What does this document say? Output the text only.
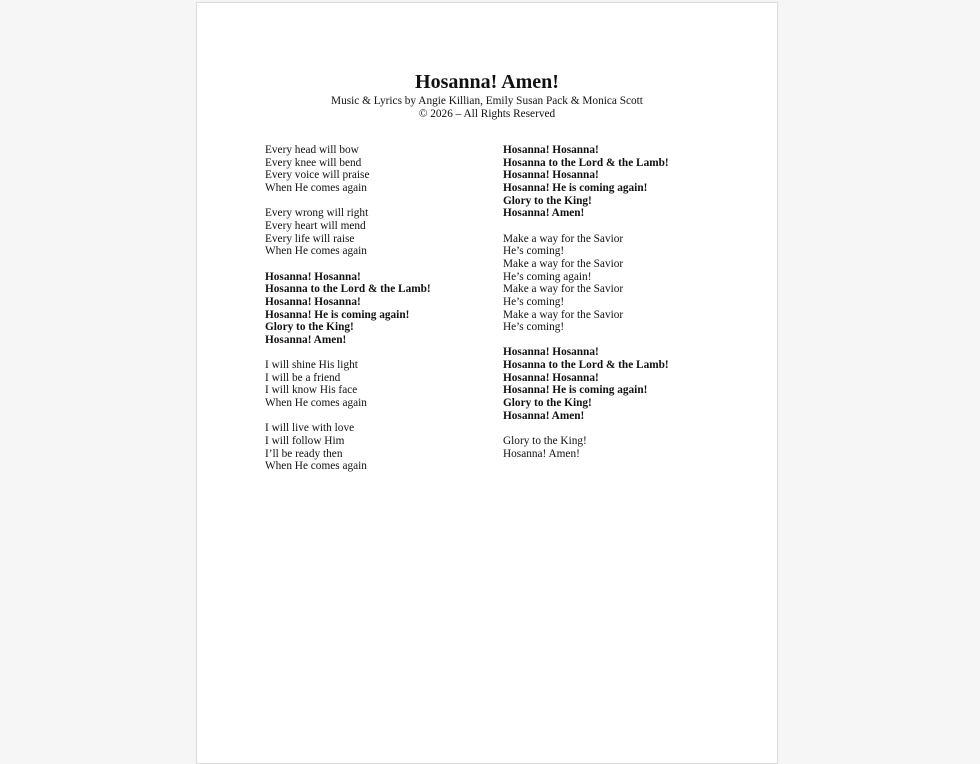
Hosanna! Amen!

Music & Lyrics by Angie Killian, Emily Susan Pack & Monica Scott

© 2026 – All Rights Reserved

Every head will bow
Every knee will bend
Every voice will praise
When He comes again
Every wrong will right
Every heart will mend
Every life will raise
When He comes again
Hosanna! Hosanna!
Hosanna to the Lord & the Lamb!
Hosanna! Hosanna!
Hosanna! He is coming again!
Glory to the King!
Hosanna! Amen!
I will shine His light
I will be a friend
I will know His face
When He comes again
I will live with love
I will follow Him
I’ll be ready then
When He comes again
Hosanna! Hosanna!
Hosanna to the Lord & the Lamb!
Hosanna! Hosanna!
Hosanna! He is coming again!
Glory to the King!
Hosanna! Amen!
Make a way for the Savior
He’s coming!
Make a way for the Savior
He’s coming again!
Make a way for the Savior
He’s coming!
Make a way for the Savior
He’s coming!
Hosanna! Hosanna!
Hosanna to the Lord & the Lamb!
Hosanna! Hosanna!
Hosanna! He is coming again!
Glory to the King!
Hosanna! Amen!
Glory to the King!
Hosanna! Amen!
